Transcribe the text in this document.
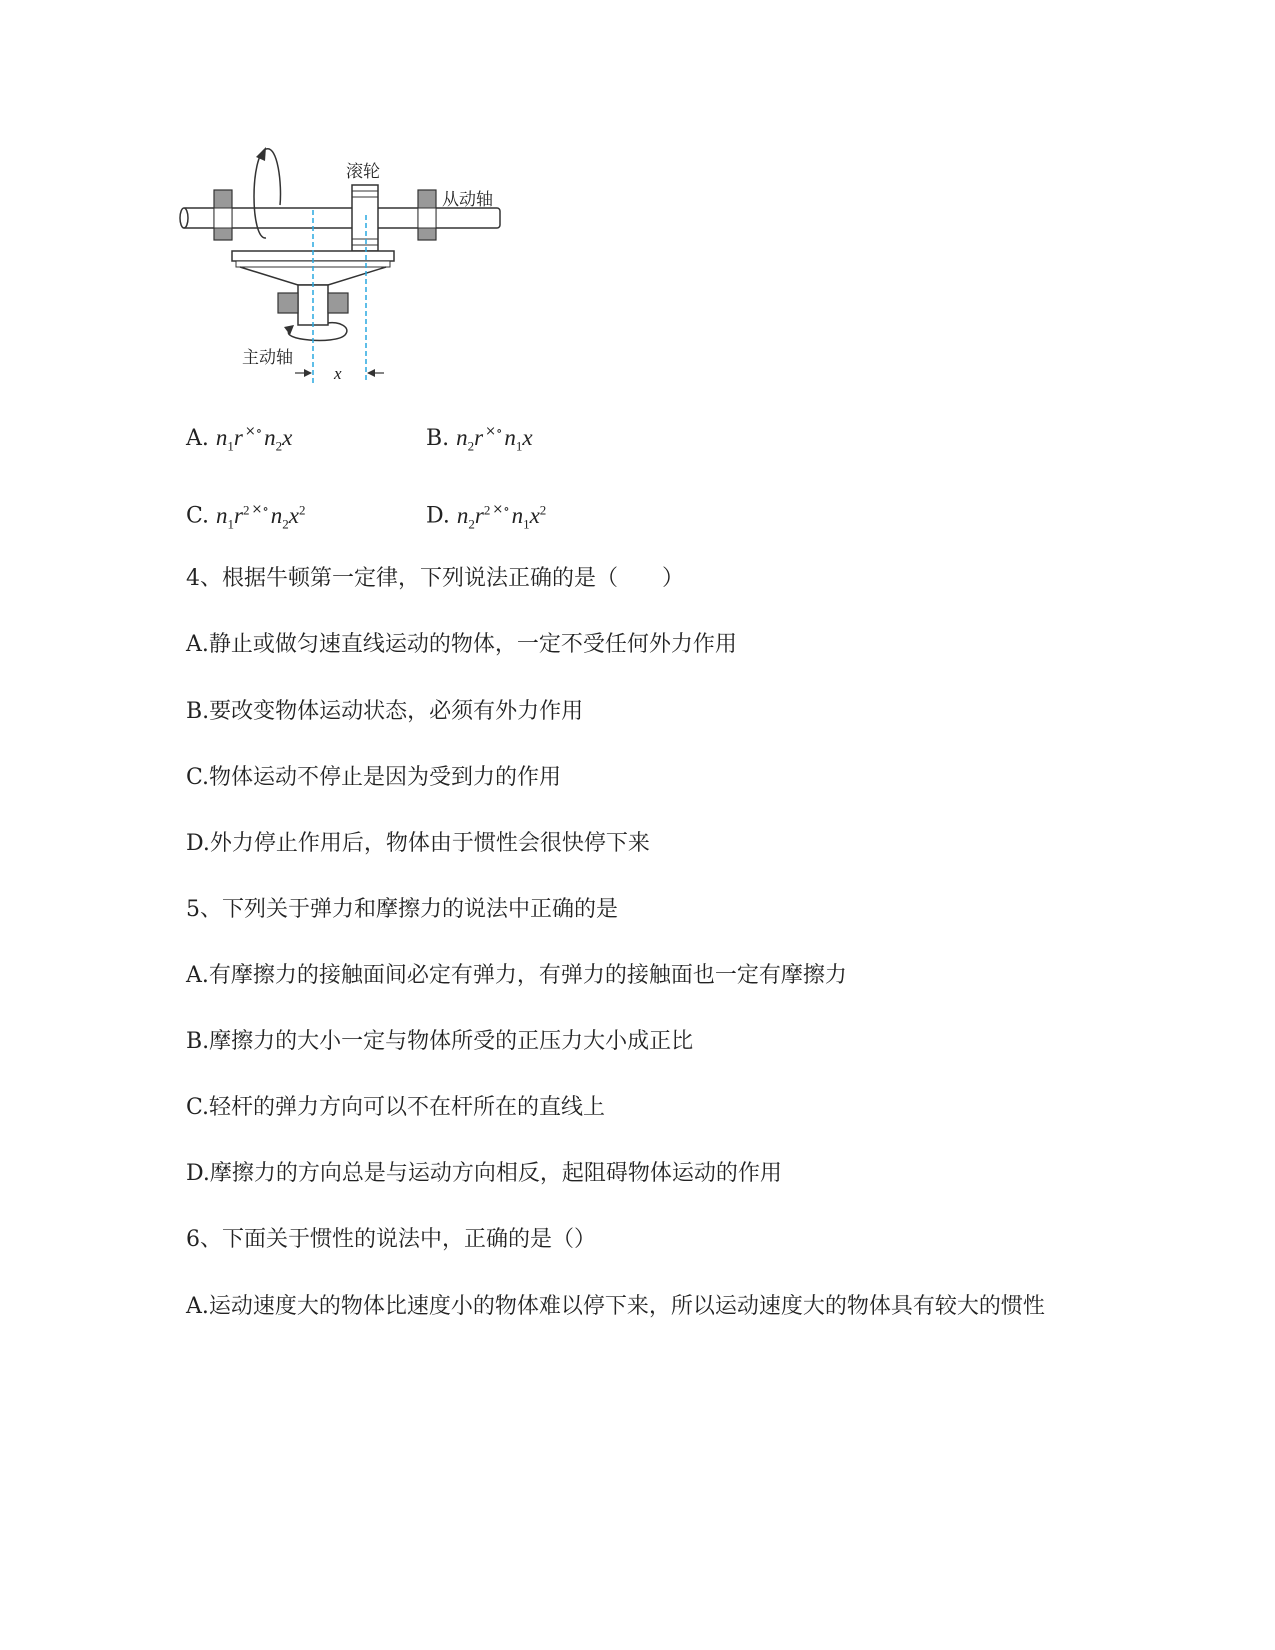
滚轮
从动轴
主动轴
x
A. $n_1r$ $^{\times\circ}n_2x$	B. $n_2r$ $^{\times\circ}n_1x$
C. $n_1r^2$ $^{\times\circ}n_2x^2$	D. $n_2r^2$ $^{\times\circ}n_1x^2$
4、根据牛顿第一定律，下列说法正确的是（　　）
A.静止或做匀速直线运动的物体，一定不受任何外力作用
B.要改变物体运动状态，必须有外力作用
C.物体运动不停止是因为受到力的作用
D.外力停止作用后，物体由于惯性会很快停下来
5、下列关于弹力和摩擦力的说法中正确的是
A.有摩擦力的接触面间必定有弹力，有弹力的接触面也一定有摩擦力
B.摩擦力的大小一定与物体所受的正压力大小成正比
C.轻杆的弹力方向可以不在杆所在的直线上
D.摩擦力的方向总是与运动方向相反，起阻碍物体运动的作用
6、下面关于惯性的说法中，正确的是（）
A.运动速度大的物体比速度小的物体难以停下来，所以运动速度大的物体具有较大的惯性
